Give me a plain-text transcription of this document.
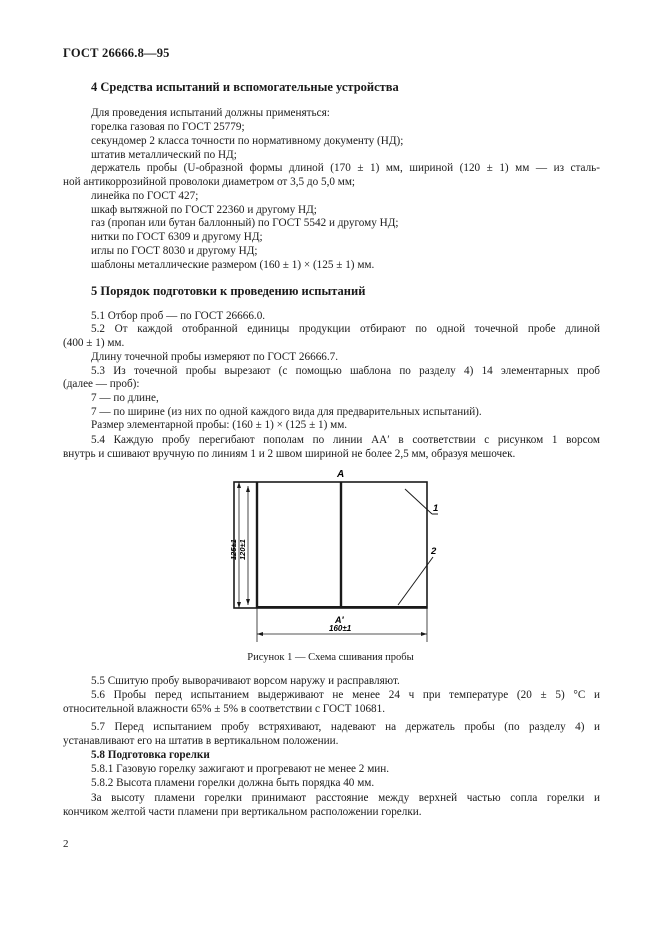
ГОСТ 26666.8—95
4 Средства испытаний и вспомогательные устройства
Для проведения испытаний должны применяться:
горелка газовая по ГОСТ 25779;
секундомер 2 класса точности по нормативному документу (НД);
штатив металлический по НД;
держатель пробы (U-образной формы длиной (170 ± 1) мм, шириной (120 ± 1) мм — из сталь-
ной антикоррозийной проволоки диаметром от 3,5 до 5,0 мм;
линейка по ГОСТ 427;
шкаф вытяжной по ГОСТ 22360 и другому НД;
газ (пропан или бутан баллонный) по ГОСТ 5542 и другому НД;
нитки по ГОСТ 6309 и другому НД;
иглы по ГОСТ 8030 и другому НД;
шаблоны металлические размером (160 ± 1) × (125 ± 1) мм.
5 Порядок подготовки к проведению испытаний
5.1 Отбор проб — по ГОСТ 26666.0.
5.2 От каждой отобранной единицы продукции отбирают по одной точечной пробе длиной
(400 ± 1) мм.
Длину точечной пробы измеряют по ГОСТ 26666.7.
5.3 Из точечной пробы вырезают (с помощью шаблона по разделу 4) 14 элементарных проб
(далее — проб):
7 — по длине,
7 — по ширине (из них по одной каждого вида для предварительных испытаний).
Размер элементарной пробы: (160 ± 1) × (125 ± 1) мм.
5.4 Каждую пробу перегибают пополам по линии AA′ в соответствии с рисунком 1 ворсом
внутрь и сшивают вручную по линиям 1 и 2 швом шириной не более 2,5 мм, образуя мешочек.
A
A′
1
2
160±1
125±1 120±1
Рисунок 1 — Схема сшивания пробы
5.5 Сшитую пробу выворачивают ворсом наружу и расправляют.
5.6 Пробы перед испытанием выдерживают не менее 24 ч при температуре (20 ± 5) °С и
относительной влажности 65% ± 5% в соответствии с ГОСТ 10681.
5.7 Перед испытанием пробу встряхивают, надевают на держатель пробы (по разделу 4) и
устанавливают его на штатив в вертикальном положении.
5.8 Подготовка горелки
5.8.1 Газовую горелку зажигают и прогревают не менее 2 мин.
5.8.2 Высота пламени горелки должна быть порядка 40 мм.
За высоту пламени горелки принимают расстояние между верхней частью сопла горелки и
кончиком желтой части пламени при вертикальном расположении горелки.
2
